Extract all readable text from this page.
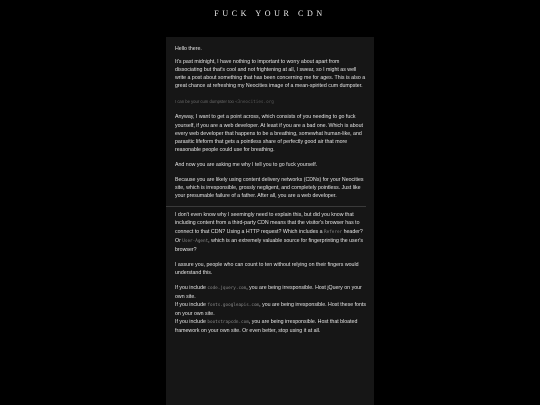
FUCK YOUR CDN

Hello there.

It's past midnight, I have nothing to important to worry about apart from dissociating but that's cool and not frightening at all, I swear, so I might as well write a post about something that has been concerning me for ages. This is also a great chance at refreshing my Neocities image of a mean-spirited cum dumpster.

I can be your cum dumpster too <3neocities.org

Anyway, I want to get a point across, which consists of you needing to go fuck yourself, if you are a web developer. At least if you are a bad one. Which is about every web developer that happens to be a breathing, somewhat human-like, and parasitic lifeform that gets a pointless share of perfectly good air that more reasonable people could use for breathing.

And now you are asking me why I tell you to go fuck yourself.

Because you are likely using content delivery networks (CDNs) for your Neocities site, which is irresponsible, grossly negligent, and completely pointless. Just like your presumable failure of a father. After all, you are a web developer.

I don't even know why I seemingly need to explain this, but did you know that including content from a third-party CDN means that the visitor's browser has to connect to that CDN? Using a HTTP request? Which includes a Referer header? Or User-Agent, which is an extremely valuable source for fingerprinting the user's browser?

I assure you, people who can count to ten without relying on their fingers would understand this.

If you include code.jquery.com, you are being irresponsible. Host jQuery on your own site.

If you include fonts.googleapis.com, you are being irresponsible. Host these fonts on your own site.

If you include bootstrapcdn.com, you are being irresponsible. Host that bloated framework on your own site. Or even better, stop using it at all.
